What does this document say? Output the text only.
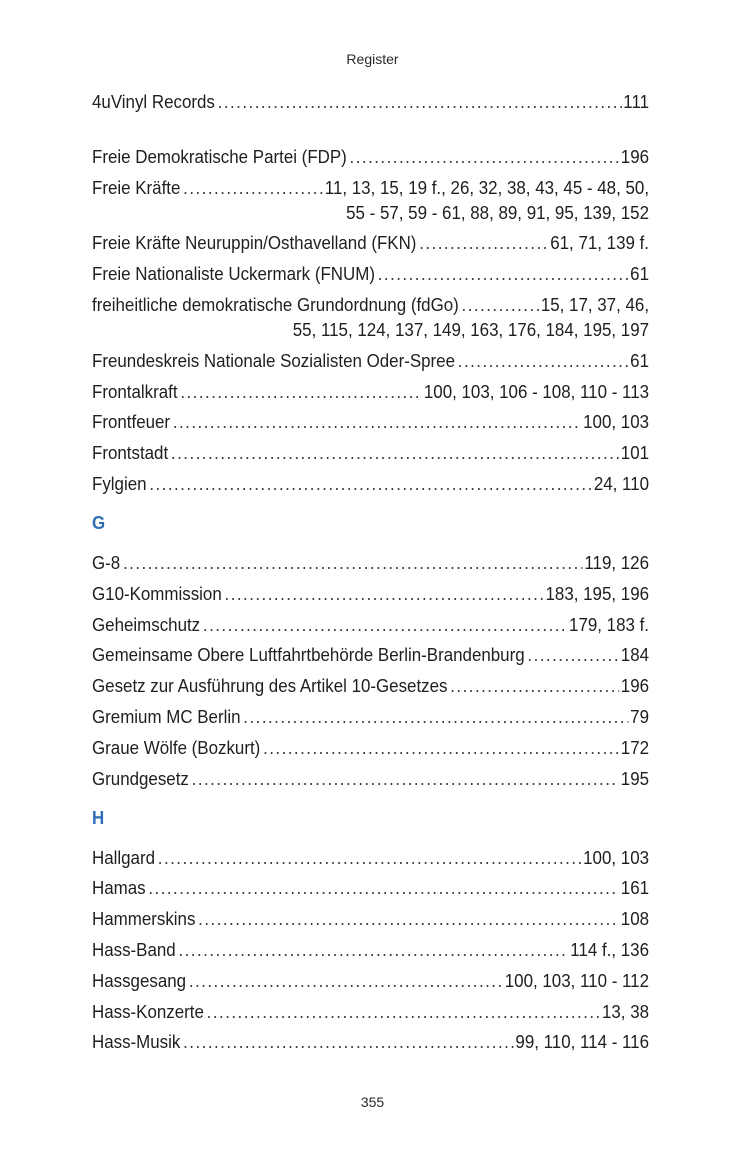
Register
4uVinyl Records .....	111
Freie Demokratische Partei (FDP) .....	196
Freie Kräfte .....	11, 13, 15, 19 f., 26, 32, 38, 43, 45 - 48, 50,
55 - 57, 59 - 61, 88, 89, 91, 95, 139, 152
Freie Kräfte Neuruppin/Osthavelland (FKN) .....	61, 71, 139 f.
Freie Nationaliste Uckermark (FNUM) .....	61
freiheitliche demokratische Grundordnung (fdGo) .....	15, 17, 37, 46,
55, 115, 124, 137, 149, 163, 176, 184, 195, 197
Freundeskreis Nationale Sozialisten Oder-Spree .....	61
Frontalkraft .....	100, 103, 106 - 108, 110 - 113
Frontfeuer .....	100, 103
Frontstadt .....	101
Fylgien .....	24, 110
G
G-8 .....	119, 126
G10-Kommission .....	183, 195, 196
Geheimschutz .....	179, 183 f.
Gemeinsame Obere Luftfahrtbehörde Berlin-Brandenburg .....	184
Gesetz zur Ausführung des Artikel 10-Gesetzes .....	196
Gremium MC Berlin .....	79
Graue Wölfe (Bozkurt) .....	172
Grundgesetz .....	195
H
Hallgard .....	100, 103
Hamas .....	161
Hammerskins .....	108
Hass-Band .....	114 f., 136
Hassgesang .....	100, 103, 110 - 112
Hass-Konzerte .....	13, 38
Hass-Musik .....	99, 110, 114 - 116
355
